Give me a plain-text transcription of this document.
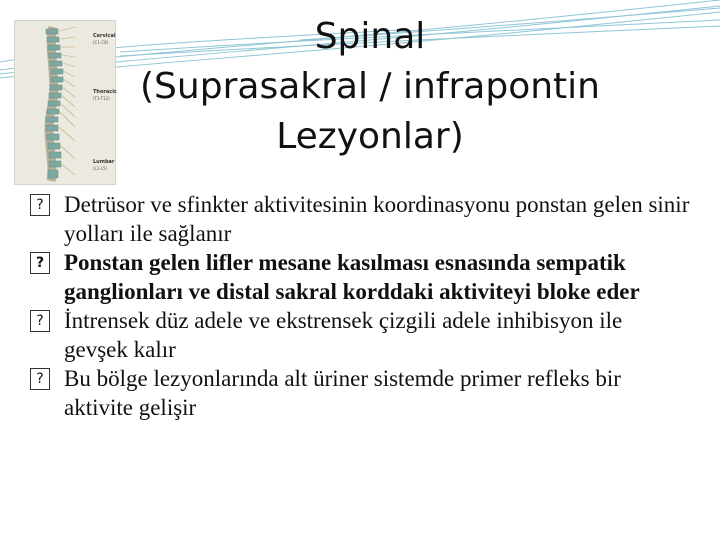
Cervical
(C1-C8)
Thoracic
(T1-T12)
Lumbar
(L1-L5)
Spinal
(Suprasakral / infrapontin
Lezyonlar)

? Detrüsor ve sfinkter aktivitesinin koordinasyonu ponstan gelen sinir yolları ile sağlanır

? Ponstan gelen lifler mesane kasılması esnasında sempatik ganglionları ve distal sakral korddaki aktiviteyi bloke eder

? İntrensek düz adele ve ekstrensek çizgili adele inhibisyon ile gevşek kalır

? Bu bölge lezyonlarında alt üriner sistemde primer refleks bir aktivite gelişir
